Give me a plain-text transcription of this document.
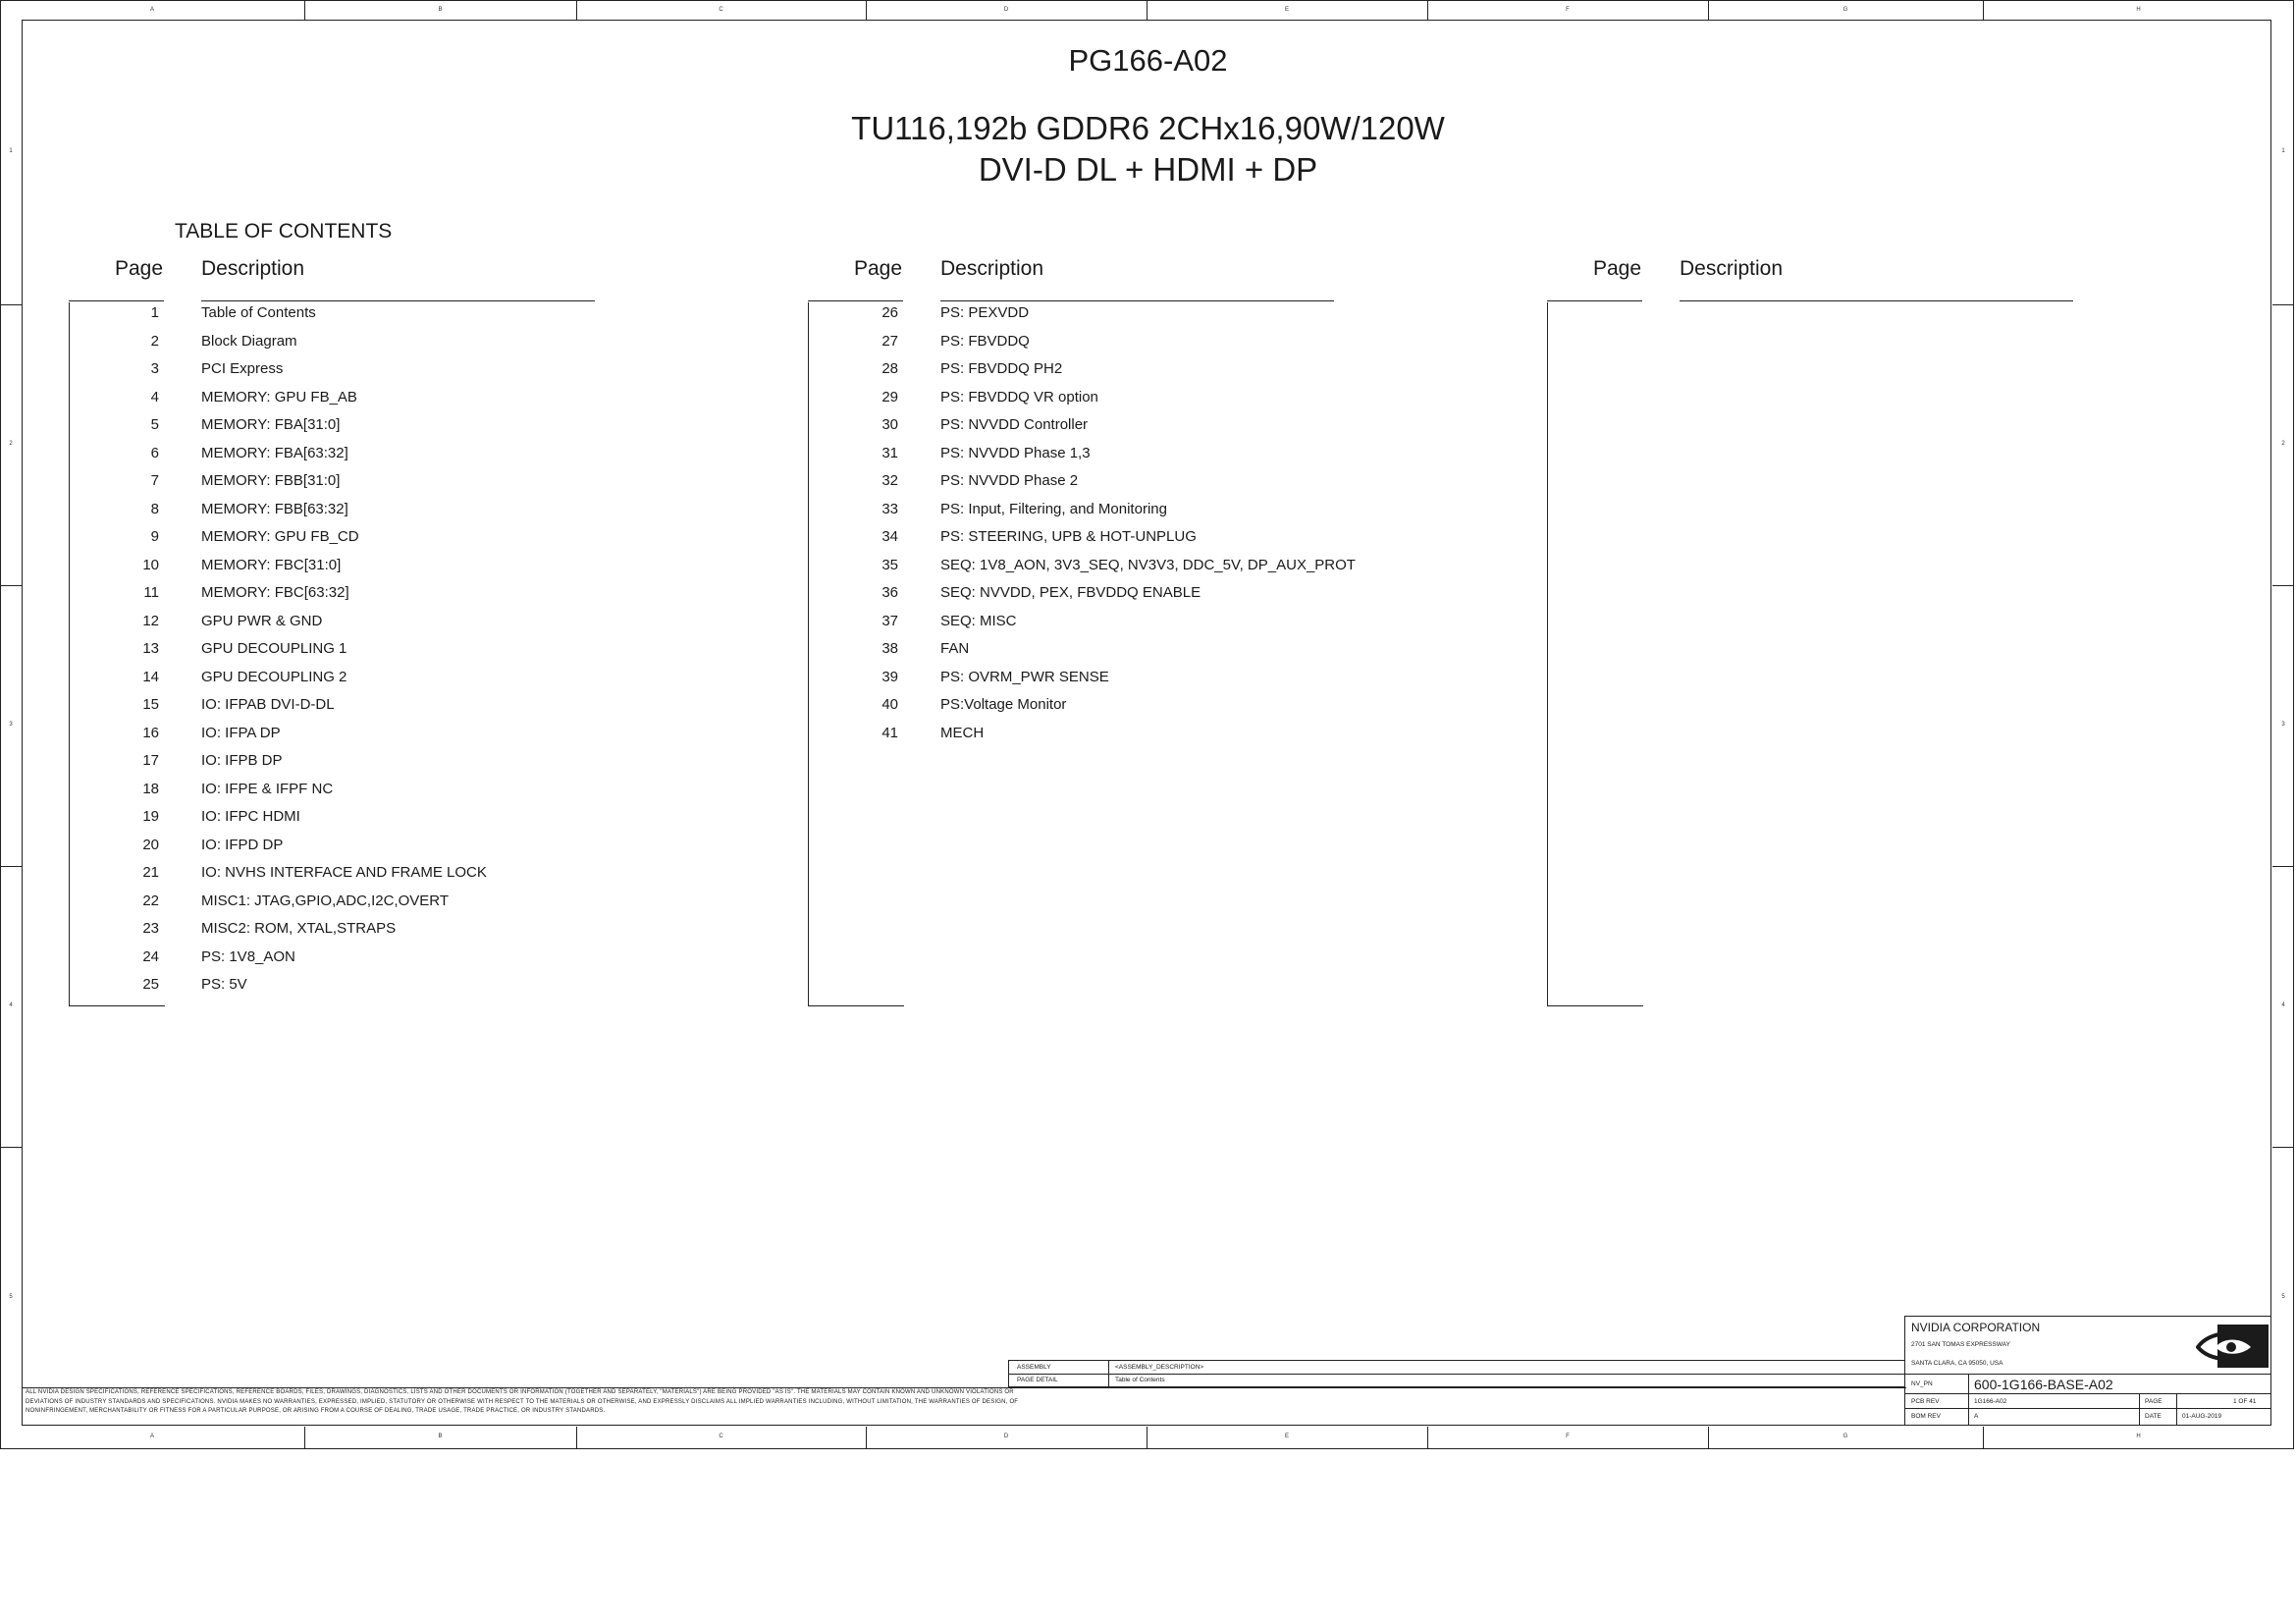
A
A
B
B
C
C
D
D
E
E
F
F
G
G
H
H
1	1
2	2
3	3
4	4
5	5
PG166-A02
TU116,192b GDDR6 2CHx16,90W/120W
DVI-D DL + HDMI + DP
TABLE OF CONTENTS
Page Description
1	Table of Contents
2	Block Diagram
3	PCI Express
4	MEMORY: GPU FB_AB
5	MEMORY: FBA[31:0]
6	MEMORY: FBA[63:32]
7	MEMORY: FBB[31:0]
8	MEMORY: FBB[63:32]
9	MEMORY: GPU FB_CD
10	MEMORY: FBC[31:0]
11	MEMORY: FBC[63:32]
12	GPU PWR & GND
13	GPU DECOUPLING 1
14	GPU DECOUPLING 2
15	IO: IFPAB DVI-D-DL
16	IO: IFPA DP
17	IO: IFPB DP
18	IO: IFPE & IFPF NC
19	IO: IFPC HDMI
20	IO: IFPD DP
21	IO: NVHS INTERFACE AND FRAME LOCK
22	MISC1: JTAG,GPIO,ADC,I2C,OVERT
23	MISC2: ROM, XTAL,STRAPS
24	PS: 1V8_AON
25	PS: 5V
Page Description
26	PS: PEXVDD
27	PS: FBVDDQ
28	PS: FBVDDQ PH2
29	PS: FBVDDQ VR option
30	PS: NVVDD Controller
31	PS: NVVDD Phase 1,3
32	PS: NVVDD Phase 2
33	PS: Input, Filtering, and Monitoring
34	PS: STEERING, UPB & HOT-UNPLUG
35	SEQ: 1V8_AON, 3V3_SEQ, NV3V3, DDC_5V, DP_AUX_PROT
36	SEQ: NVVDD, PEX, FBVDDQ ENABLE
37	SEQ: MISC
38	FAN
39	PS: OVRM_PWR SENSE
40	PS:Voltage Monitor
41	MECH
Page Description
ASSEMBLY	<ASSEMBLY_DESCRIPTION>
PAGE DETAIL	Table of Contents
NVIDIA CORPORATION
2701 SAN TOMAS EXPRESSWAY
SANTA CLARA, CA 95050, USA
NV_PN	600-1G166-BASE-A02
PCB REV	1G166-A02	PAGE	1 OF 41
BOM REV	A	DATE	01-AUG-2019
ALL NVIDIA DESIGN SPECIFICATIONS, REFERENCE SPECIFICATIONS, REFERENCE BOARDS, FILES, DRAWINGS, DIAGNOSTICS, LISTS AND OTHER DOCUMENTS OR INFORMATION (TOGETHER AND SEPARATELY, "MATERIALS") ARE BEING PROVIDED "AS IS". THE MATERIALS MAY CONTAIN KNOWN AND UNKNOWN VIOLATIONS OR DEVIATIONS OF INDUSTRY STANDARDS AND SPECIFICATIONS. NVIDIA MAKES NO WARRANTIES, EXPRESSED, IMPLIED, STATUTORY OR OTHERWISE WITH RESPECT TO THE MATERIALS OR OTHERWISE, AND EXPRESSLY DISCLAIMS ALL IMPLIED WARRANTIES INCLUDING, WITHOUT LIMITATION, THE WARRANTIES OF DESIGN, OF NONINFRINGEMENT, MERCHANTABILITY OR FITNESS FOR A PARTICULAR PURPOSE, OR ARISING FROM A COURSE OF DEALING, TRADE USAGE, TRADE PRACTICE, OR INDUSTRY STANDARDS.
